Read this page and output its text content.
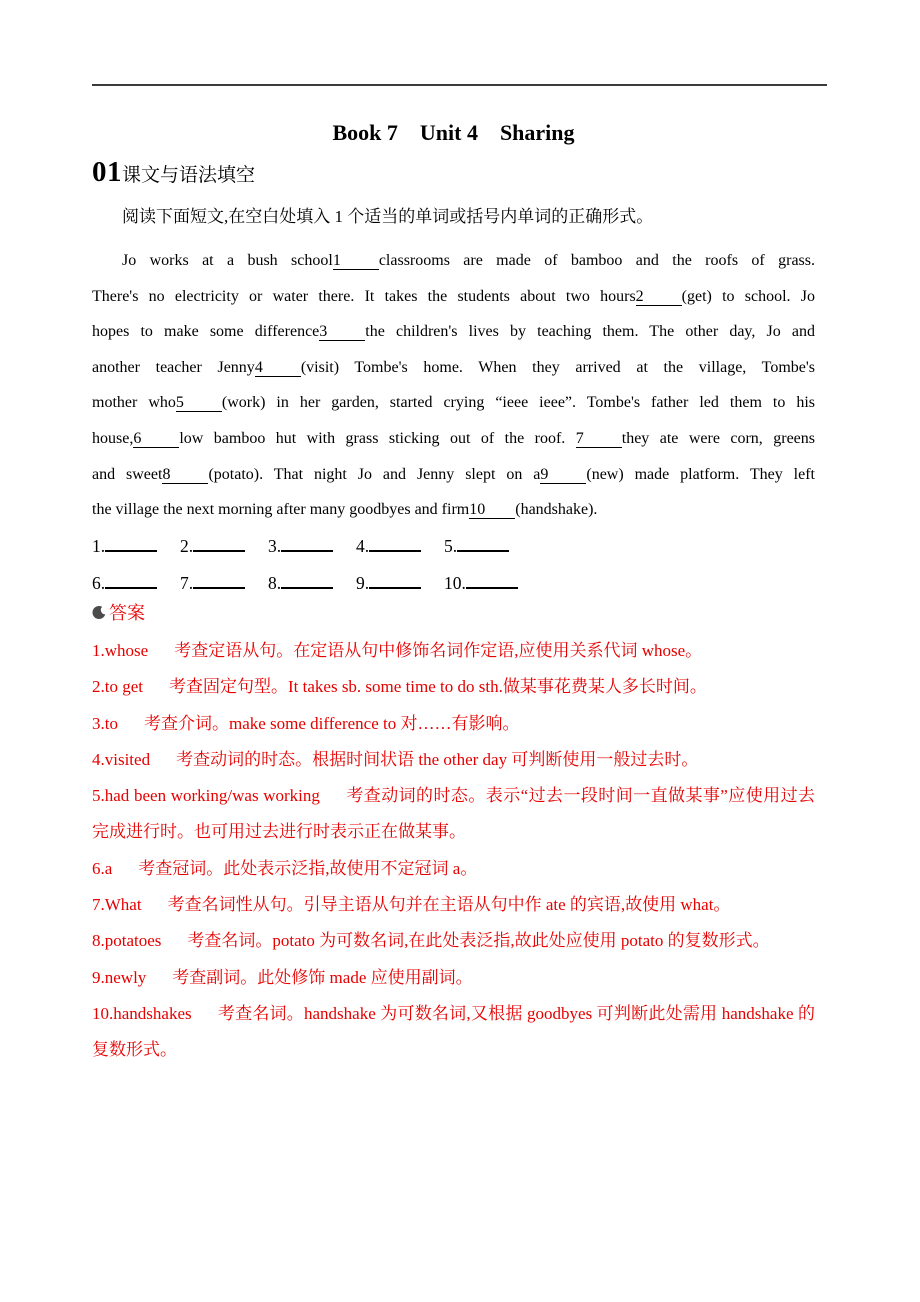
Book 7　Unit 4　Sharing
01课文与语法填空

阅读下面短文,在空白处填入 1 个适当的单词或括号内单词的正确形式。

Jo works at a bush school1 classrooms are made of bamboo and the roofs of grass.
There's no electricity or water there. It takes the students about two hours2 (get) to school. Jo
hopes to make some difference3 the children's lives by teaching them. The other day, Jo and
another teacher Jenny4 (visit) Tombe's home. When they arrived at the village, Tombe's
mother who5 (work) in her garden, started crying “ieee ieee”. Tombe's father led them to his
house,6 low bamboo hut with grass sticking out of the roof. 7 they ate were corn, greens
and sweet8 (potato). That night Jo and Jenny slept on a9 (new) made platform. They left
the village the next morning after many goodbyes and firm10 (handshake).
1.	2.	3.	4.	5.
6.	7.	8.	9.	10.
答案

1.whose 考查定语从句。在定语从句中修饰名词作定语,应使用关系代词 whose。

2.to get 考查固定句型。It takes sb. some time to do sth.做某事花费某人多长时间。

3.to 考查介词。make some difference to 对……有影响。

4.visited 考查动词的时态。根据时间状语 the other day 可判断使用一般过去时。

5.had been working/was working 考查动词的时态。表示“过去一段时间一直做某事”应使用过去完成进行时。也可用过去进行时表示正在做某事。

6.a 考查冠词。此处表示泛指,故使用不定冠词 a。

7.What 考查名词性从句。引导主语从句并在主语从句中作 ate 的宾语,故使用 what。

8.potatoes 考查名词。potato 为可数名词,在此处表泛指,故此处应使用 potato 的复数形式。

9.newly 考查副词。此处修饰 made 应使用副词。

10.handshakes 考查名词。handshake 为可数名词,又根据 goodbyes 可判断此处需用 handshake 的复数形式。
